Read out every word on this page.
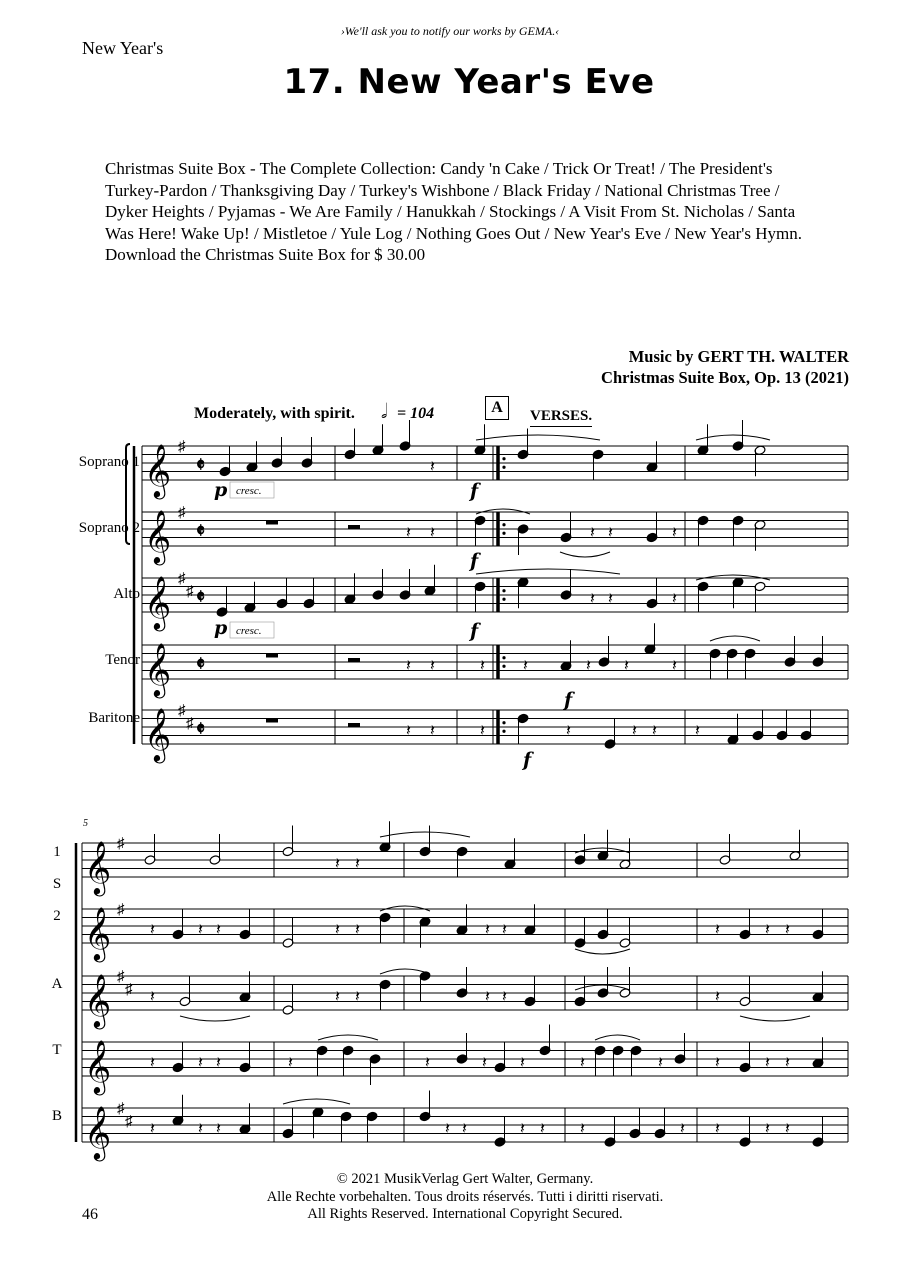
›We'll ask you to notify our works by GEMA.‹
New Year's
17. New Year's Eve
Christmas Suite Box - The Complete Collection: Candy 'n Cake / Trick Or Treat! / The President's Turkey-Pardon / Thanksgiving Day / Turkey's Wishbone / Black Friday / National Christmas Tree / Dyker Heights / Pyjamas - We Are Family / Hanukkah / Stockings / A Visit From St. Nicholas / Santa Was Here! Wake Up! / Mistletoe / Yule Log / Nothing Goes Out / New Year's Eve / New Year's Hymn. Download the Christmas Suite Box for $ 30.00
Music by GERT TH. WALTER
Christmas Suite Box, Op. 13 (2021)
Moderately, with spirit. 𝅗𝅥 = 104	A	VERSES.
Soprano 1
Soprano 2
Alto
Tenor
Baritone
1
S
2
A
T
B
𝄞 ♯
𝄵
𝄞 ♯
𝄵
𝄞 ♯
♯ 𝄵
𝄞 𝄵
𝄞 ♯
♯ 𝄵
𝄞 ♯
𝄞 ♯
𝄞 ♯
♯
𝄞
𝄞 ♯
♯
𝄽
𝄽 𝄽	𝄽 𝄽	𝄽
𝄽 𝄽	𝄽
𝄽 𝄽	𝄽 𝄽	𝄽 𝄽	𝄽
𝄽 𝄽	𝄽	𝄽	𝄽 𝄽 𝄽
𝄽 𝄽
𝄽	𝄽 𝄽	𝄽 𝄽	𝄽 𝄽	𝄽	𝄽 𝄽
𝄽	𝄽 𝄽	𝄽 𝄽	𝄽
𝄽	𝄽 𝄽	𝄽	𝄽	𝄽 𝄽	𝄽	𝄽	𝄽	𝄽 𝄽
𝄽	𝄽 𝄽	𝄽 𝄽	𝄽 𝄽 𝄽	𝄽 𝄽	𝄽 𝄽
p cresc.
p cresc.
f
f
f
f
f
5
© 2021 MusikVerlag Gert Walter, Germany.
Alle Rechte vorbehalten. Tous droits réservés. Tutti i diritti riservati.
All Rights Reserved. International Copyright Secured.
46
